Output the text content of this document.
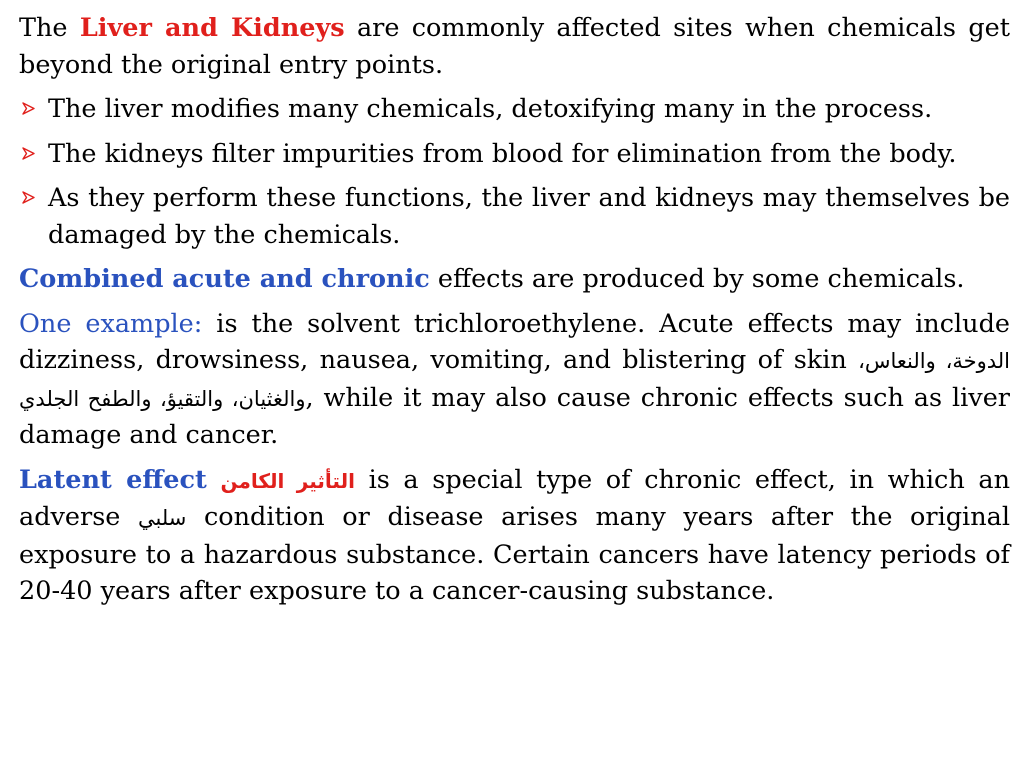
The Liver and Kidneys are commonly affected sites when chemicals get beyond the original entry points.

The liver modifies many chemicals, detoxifying many in the process.

The kidneys filter impurities from blood for elimination from the body.

As they perform these functions, the liver and kidneys may themselves be damaged by the chemicals.

Combined acute and chronic effects are produced by some chemicals.

One example: is the solvent trichloroethylene. Acute effects may include dizziness, drowsiness, nausea, vomiting, and blistering of skin الدوخة، والنعاس، والغثيان، والتقيؤ، والطفح الجلدي, while it may also cause chronic effects such as liver damage and cancer.

Latent effect التأثير الكامن is a special type of chronic effect, in which an adverse سلبي condition or disease arises many years after the original exposure to a hazardous substance. Certain cancers have latency periods of 20-40 years after exposure to a cancer-causing substance.
